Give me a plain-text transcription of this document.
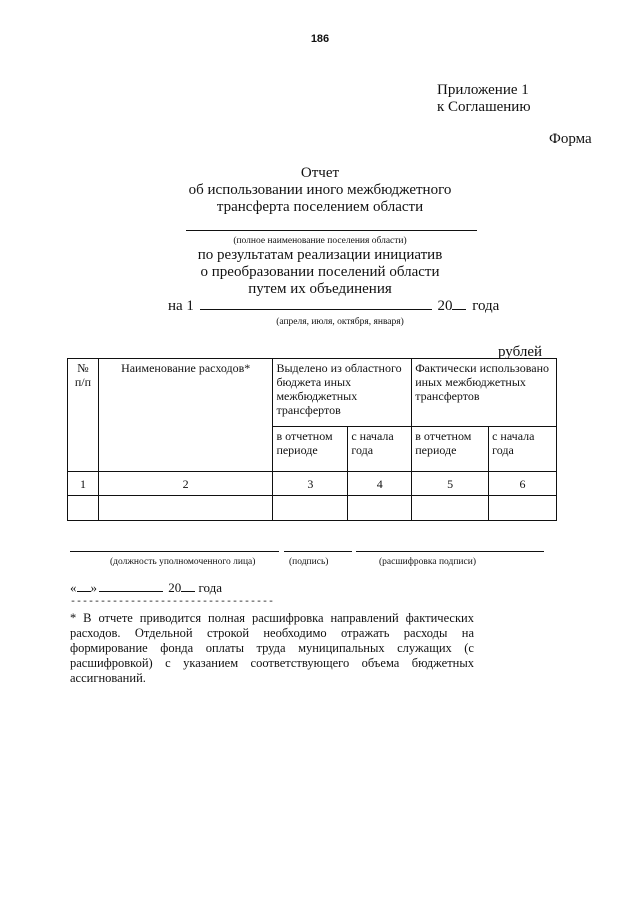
186
Приложение 1
к Соглашению
Форма
Отчет
об использовании иного межбюджетного
трансферта поселением области
(полное наименование поселения области)
по результатам реализации инициатив
о преобразовании поселений области
путем их объединения
на 1	20 года
(апреля, июля, октября, января)
рублей
№ п/п	Наименование расходов*	Выделено из областного бюджета иных межбюджетных трансфертов		Фактически использовано иных межбюджетных трансфертов	
		в отчетном периоде	с начала года	в отчетном периоде	с начала года
1	2	3	4	5	6

(должность уполномоченного лица)	(подпись)	(расшифровка подписи)
« »	20 года
----------------------------------
* В отчете приводится полная расшифровка направлений фактических расходов. Отдельной строкой необходимо отражать расходы на формирование фонда оплаты труда муниципальных служащих (с расшифровкой) с указанием соответствующего объема бюджетных ассигнований.
